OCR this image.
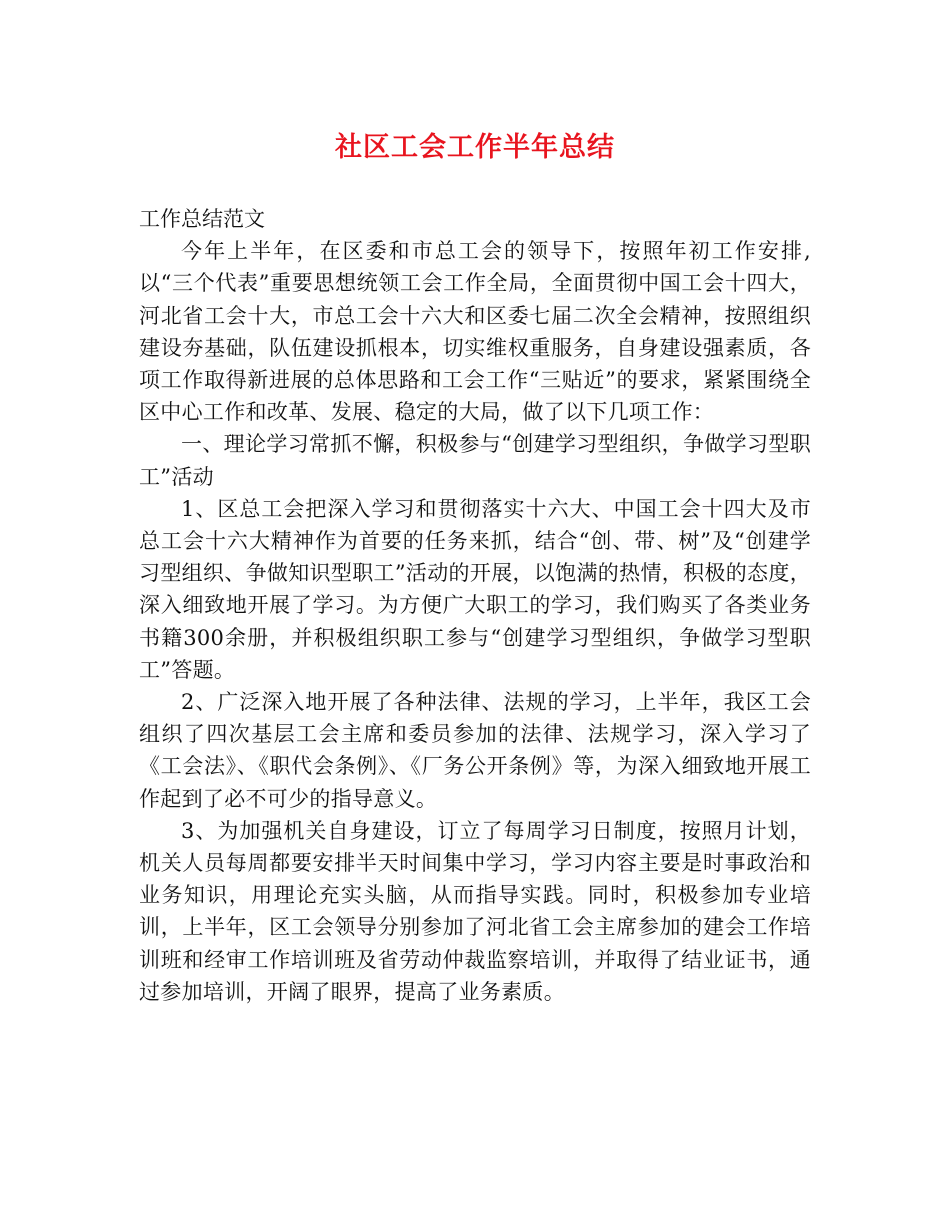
社区工会工作半年总结

工作总结范文

今年上半年，在区委和市总工会的领导下，按照年初工作安排,以“三个代表”重要思想统领工会工作全局，全面贯彻中国工会十四大，河北省工会十大，市总工会十六大和区委七届二次全会精神，按照组织建设夯基础，队伍建设抓根本，切实维权重服务，自身建设强素质，各项工作取得新进展的总体思路和工会工作“三贴近”的要求，紧紧围绕全区中心工作和改革、发展、稳定的大局，做了以下几项工作：

一、理论学习常抓不懈，积极参与“创建学习型组织，争做学习型职工”活动

1、区总工会把深入学习和贯彻落实十六大、中国工会十四大及市总工会十六大精神作为首要的任务来抓，结合“创、带、树”及“创建学习型组织、争做知识型职工”活动的开展，以饱满的热情，积极的态度，深入细致地开展了学习。为方便广大职工的学习，我们购买了各类业务书籍300余册，并积极组织职工参与“创建学习型组织，争做学习型职工”答题。

2、广泛深入地开展了各种法律、法规的学习，上半年，我区工会组织了四次基层工会主席和委员参加的法律、法规学习，深入学习了《工会法》、《职代会条例》、《厂务公开条例》等，为深入细致地开展工作起到了必不可少的指导意义。

3、为加强机关自身建设，订立了每周学习日制度，按照月计划，机关人员每周都要安排半天时间集中学习，学习内容主要是时事政治和业务知识，用理论充实头脑，从而指导实践。同时，积极参加专业培训，上半年，区工会领导分别参加了河北省工会主席参加的建会工作培训班和经审工作培训班及省劳动仲裁监察培训，并取得了结业证书，通过参加培训，开阔了眼界，提高了业务素质。
